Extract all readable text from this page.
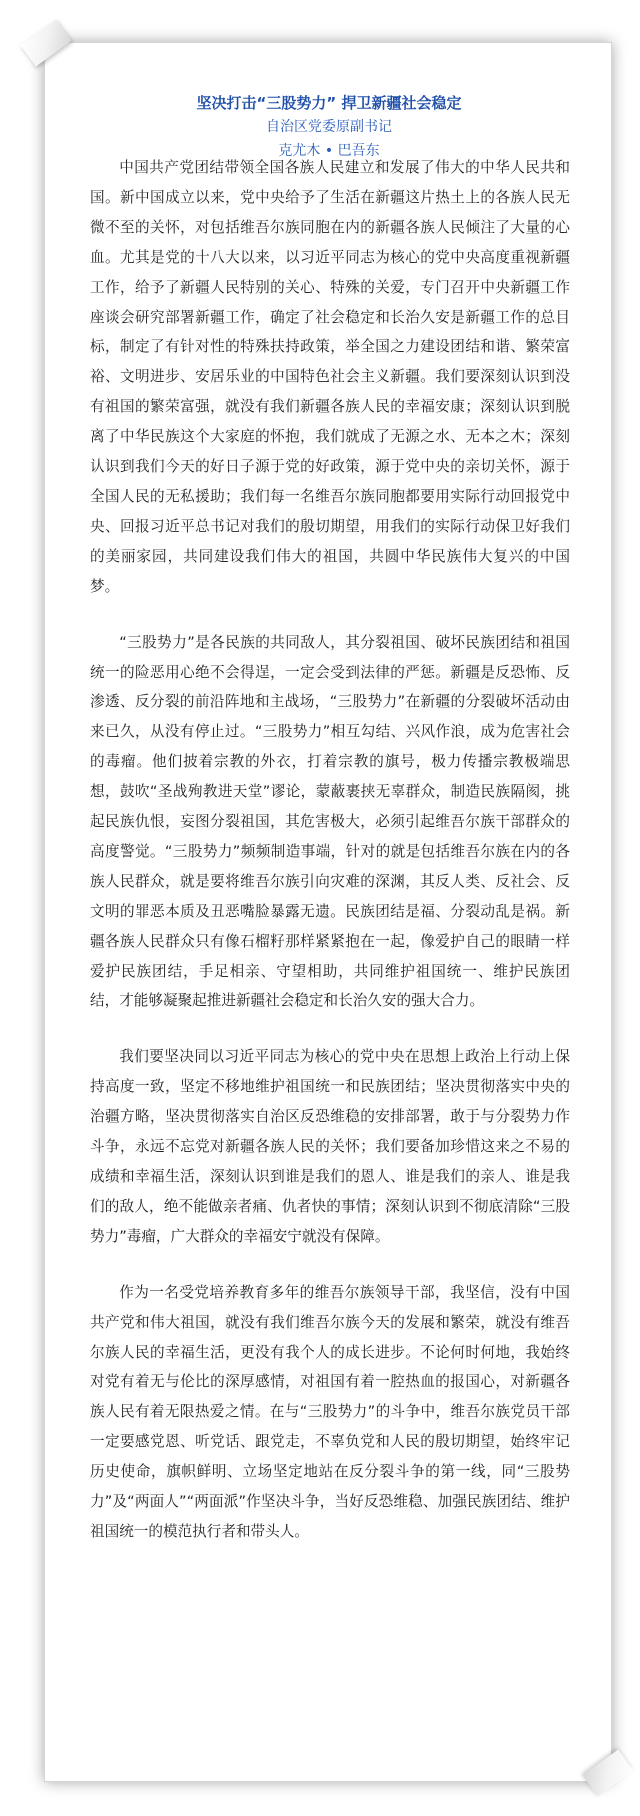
坚决打击“三股势力” 捍卫新疆社会稳定

自治区党委原副书记

克尤木 • 巴吾东

中国共产党团结带领全国各族人民建立和发展了伟大的中华人民共和国。新中国成立以来，党中央给予了生活在新疆这片热土上的各族人民无微不至的关怀，对包括维吾尔族同胞在内的新疆各族人民倾注了大量的心血。尤其是党的十八大以来，以习近平同志为核心的党中央高度重视新疆工作，给予了新疆人民特别的关心、特殊的关爱，专门召开中央新疆工作座谈会研究部署新疆工作，确定了社会稳定和长治久安是新疆工作的总目标，制定了有针对性的特殊扶持政策，举全国之力建设团结和谐、繁荣富裕、文明进步、安居乐业的中国特色社会主义新疆。我们要深刻认识到没有祖国的繁荣富强，就没有我们新疆各族人民的幸福安康；深刻认识到脱离了中华民族这个大家庭的怀抱，我们就成了无源之水、无本之木；深刻认识到我们今天的好日子源于党的好政策，源于党中央的亲切关怀，源于全国人民的无私援助；我们每一名维吾尔族同胞都要用实际行动回报党中央、回报习近平总书记对我们的殷切期望，用我们的实际行动保卫好我们的美丽家园，共同建设我们伟大的祖国，共圆中华民族伟大复兴的中国梦。

“三股势力”是各民族的共同敌人，其分裂祖国、破坏民族团结和祖国统一的险恶用心绝不会得逞，一定会受到法律的严惩。新疆是反恐怖、反渗透、反分裂的前沿阵地和主战场，“三股势力”在新疆的分裂破坏活动由来已久，从没有停止过。“三股势力”相互勾结、兴风作浪，成为危害社会的毒瘤。他们披着宗教的外衣，打着宗教的旗号，极力传播宗教极端思想，鼓吹“圣战殉教进天堂”谬论，蒙蔽裹挟无辜群众，制造民族隔阂，挑起民族仇恨，妄图分裂祖国，其危害极大，必须引起维吾尔族干部群众的高度警觉。“三股势力”频频制造事端，针对的就是包括维吾尔族在内的各族人民群众，就是要将维吾尔族引向灾难的深渊，其反人类、反社会、反文明的罪恶本质及丑恶嘴脸暴露无遗。民族团结是福、分裂动乱是祸。新疆各族人民群众只有像石榴籽那样紧紧抱在一起，像爱护自己的眼睛一样爱护民族团结，手足相亲、守望相助，共同维护祖国统一、维护民族团结，才能够凝聚起推进新疆社会稳定和长治久安的强大合力。

我们要坚决同以习近平同志为核心的党中央在思想上政治上行动上保持高度一致，坚定不移地维护祖国统一和民族团结；坚决贯彻落实中央的治疆方略，坚决贯彻落实自治区反恐维稳的安排部署，敢于与分裂势力作斗争，永远不忘党对新疆各族人民的关怀；我们要备加珍惜这来之不易的成绩和幸福生活，深刻认识到谁是我们的恩人、谁是我们的亲人、谁是我们的敌人，绝不能做亲者痛、仇者快的事情；深刻认识到不彻底清除“三股势力”毒瘤，广大群众的幸福安宁就没有保障。

作为一名受党培养教育多年的维吾尔族领导干部，我坚信，没有中国共产党和伟大祖国，就没有我们维吾尔族今天的发展和繁荣，就没有维吾尔族人民的幸福生活，更没有我个人的成长进步。不论何时何地，我始终对党有着无与伦比的深厚感情，对祖国有着一腔热血的报国心，对新疆各族人民有着无限热爱之情。在与“三股势力”的斗争中，维吾尔族党员干部一定要感党恩、听党话、跟党走，不辜负党和人民的殷切期望，始终牢记历史使命，旗帜鲜明、立场坚定地站在反分裂斗争的第一线，同“三股势力”及“两面人”“两面派”作坚决斗争，当好反恐维稳、加强民族团结、维护祖国统一的模范执行者和带头人。
